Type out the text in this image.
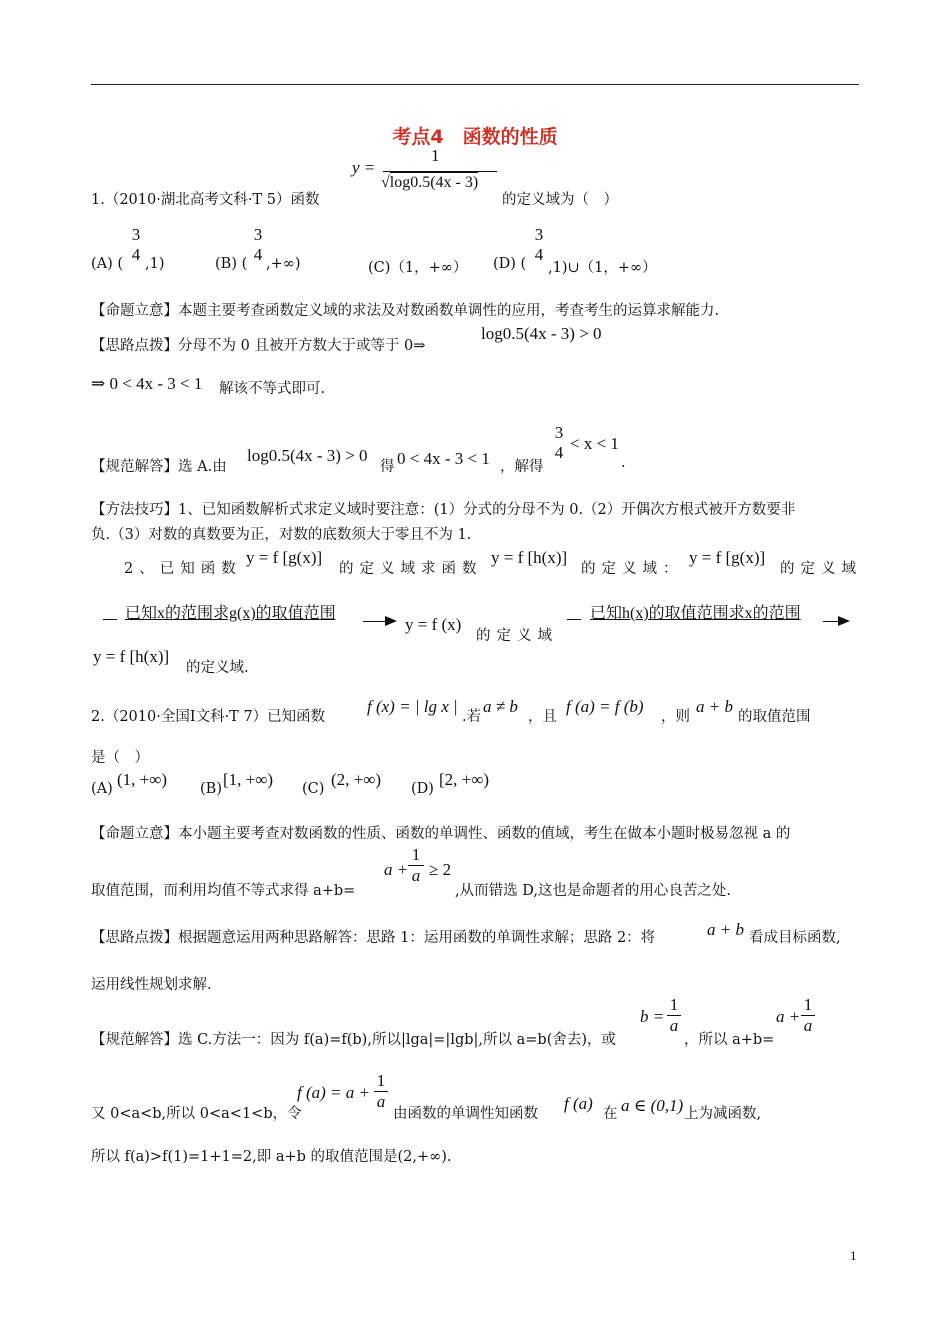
考点4　函数的性质
y =
1
√log0.5(4x - 3)
1.（2010·湖北高考文科·T 5）函数	的定义域为（　）
(A) (
3
4 ,1)	(B) (
3
4 ,+∞)	(C)（1，+∞） (D) (
3
4
,1)∪（1，+∞）
【命题立意】本题主要考查函数定义域的求法及对数函数单调性的应用，考查考生的运算求解能力.
【思路点拨】分母不为 0 且被开方数大于或等于 0⇒
log0.5(4x - 3) > 0
⇒ 0 < 4x - 3 < 1 解该不等式即可.
【规范解答】选 A.由
log0.5(4x - 3) > 0
得 0 < 4x - 3 < 1 ，解得
3
4 < x < 1
.
【方法技巧】1、已知函数解析式求定义域时要注意：(1）分式的分母不为 0.（2）开偶次方根式被开方数要非
负.（3）对数的真数要为正，对数的底数须大于零且不为 1.
2、已知函数
y = f [g(x)]
的定义域求函数
y = f [h(x)]
的定义域：
y = f [g(x)]
的定义域
已知x的范围求g(x)的取值范围
y = f (x)
的定义域
已知h(x)的取值范围求x的范围
y = f [h(x)]
的定义域.
2.（2010·全国Ⅰ文科·T 7）已知函数
f (x) = | lg x |
.若
a ≠ b
，且
f (a) = f (b)
，则
a + b
的取值范围
是（　）
(A) (1, +∞) (B) [1, +∞) (C) (2, +∞) (D) [2, +∞)
【命题立意】本小题主要考查对数函数的性质、函数的单调性、函数的值域，考生在做本小题时极易忽视 a 的
取值范围，而利用均值不等式求得 a+b=
a +
1
a ≥ 2
,从而错选 D,这也是命题者的用心良苦之处.
【思路点拨】根据题意运用两种思路解答：思路 1：运用函数的单调性求解；思路 2：将	a + b 看成目标函数,
运用线性规划求解.
【规范解答】选 C.方法一：因为 f(a)=f(b),所以|lga|=|lgb|,所以 a=b(舍去)，或
b =
1
a
，所以 a+b=
a +
1
a
又 0<a<b,所以 0<a<1<b，令
f (a) = a +
1
a
由函数的单调性知函数
f (a)
在 a ∈ (0,1) 上为减函数,
所以 f(a)>f(1)=1+1=2,即 a+b 的取值范围是(2,+∞).
1
